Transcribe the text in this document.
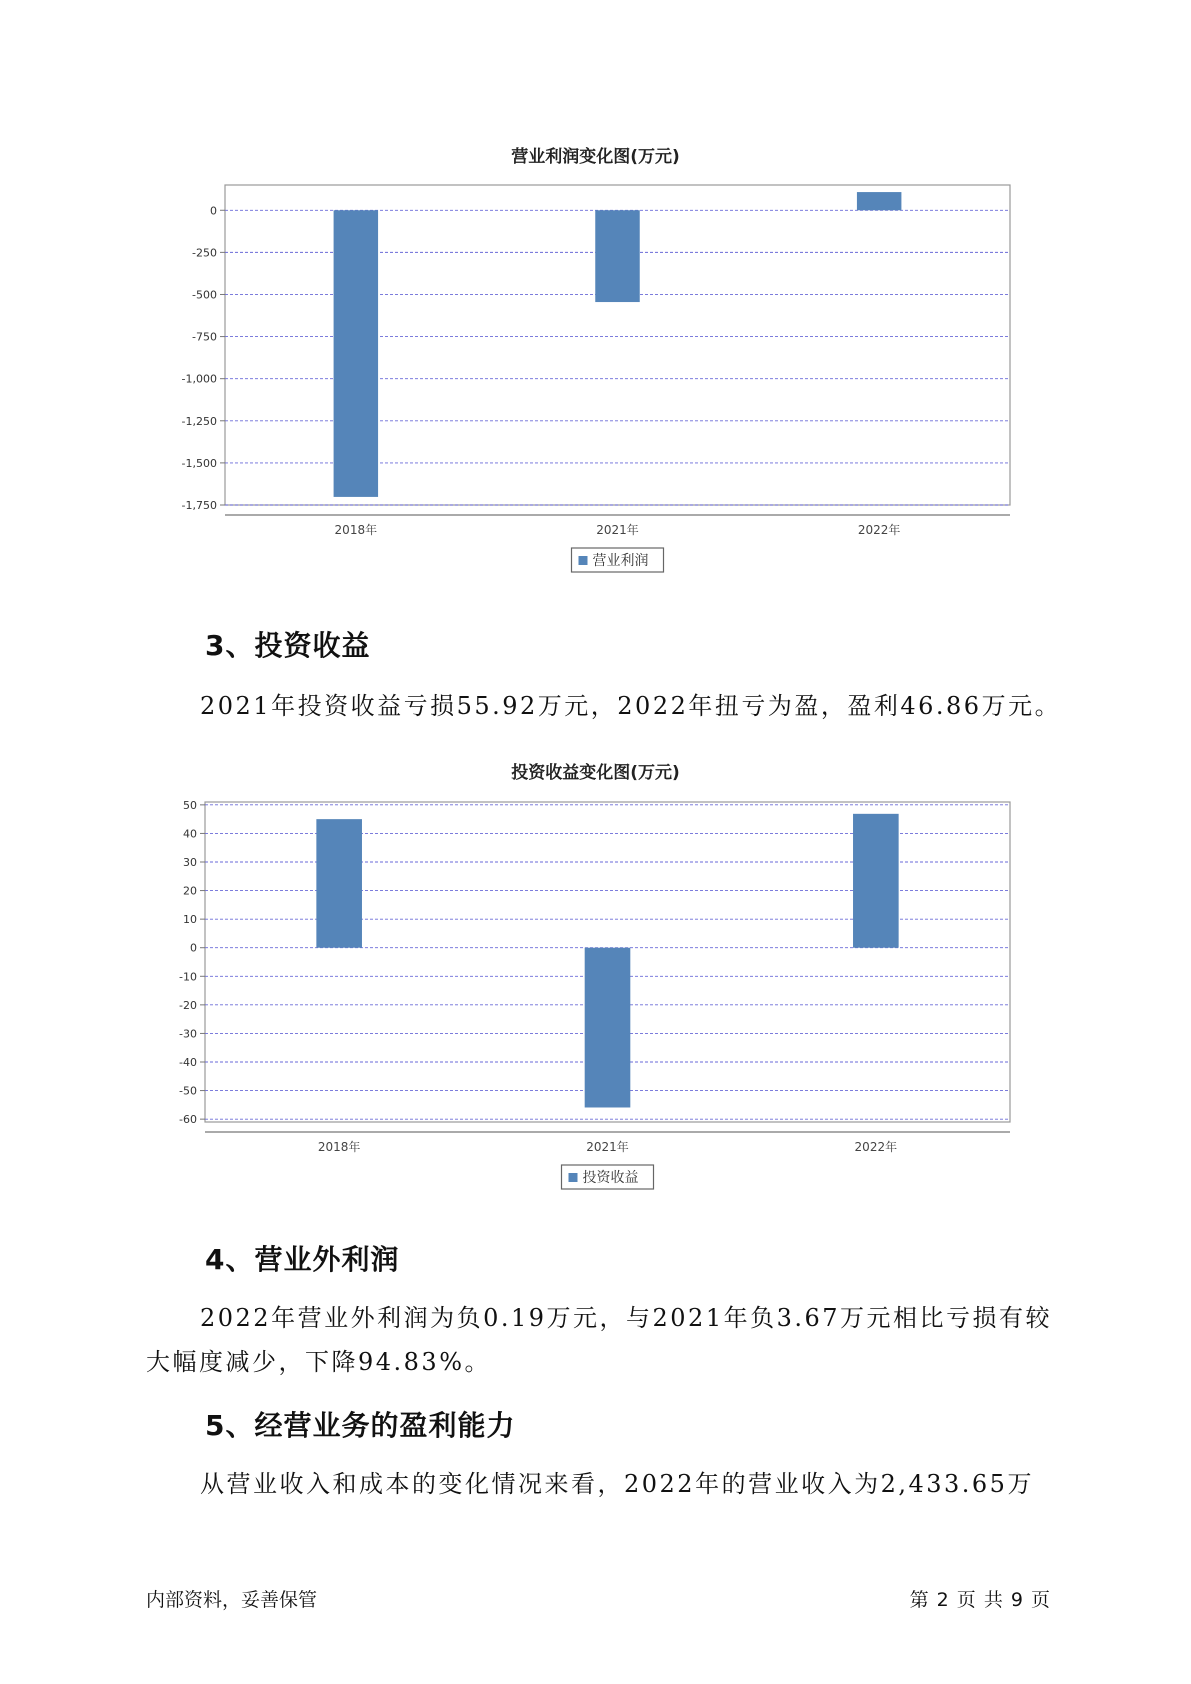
营业利润变化图(万元)
0
-250
-500
-750
-1,000
-1,250
-1,500
-1,750
2018年	2021年	2022年
营业利润
3、投资收益
2021年投资收益亏损55.92万元，2022年扭亏为盈，盈利46.86万元。
投资收益变化图(万元)
50
40
30
20
10
0
-10
-20
-30
-40
-50
-60
2018年	2021年	2022年
投资收益
4、营业外利润
2022年营业外利润为负0.19万元，与2021年负3.67万元相比亏损有较
大幅度减少，下降94.83%。
5、经营业务的盈利能力
从营业收入和成本的变化情况来看，2022年的营业收入为2,433.65万
内部资料，妥善保管	第 2 页 共 9 页
